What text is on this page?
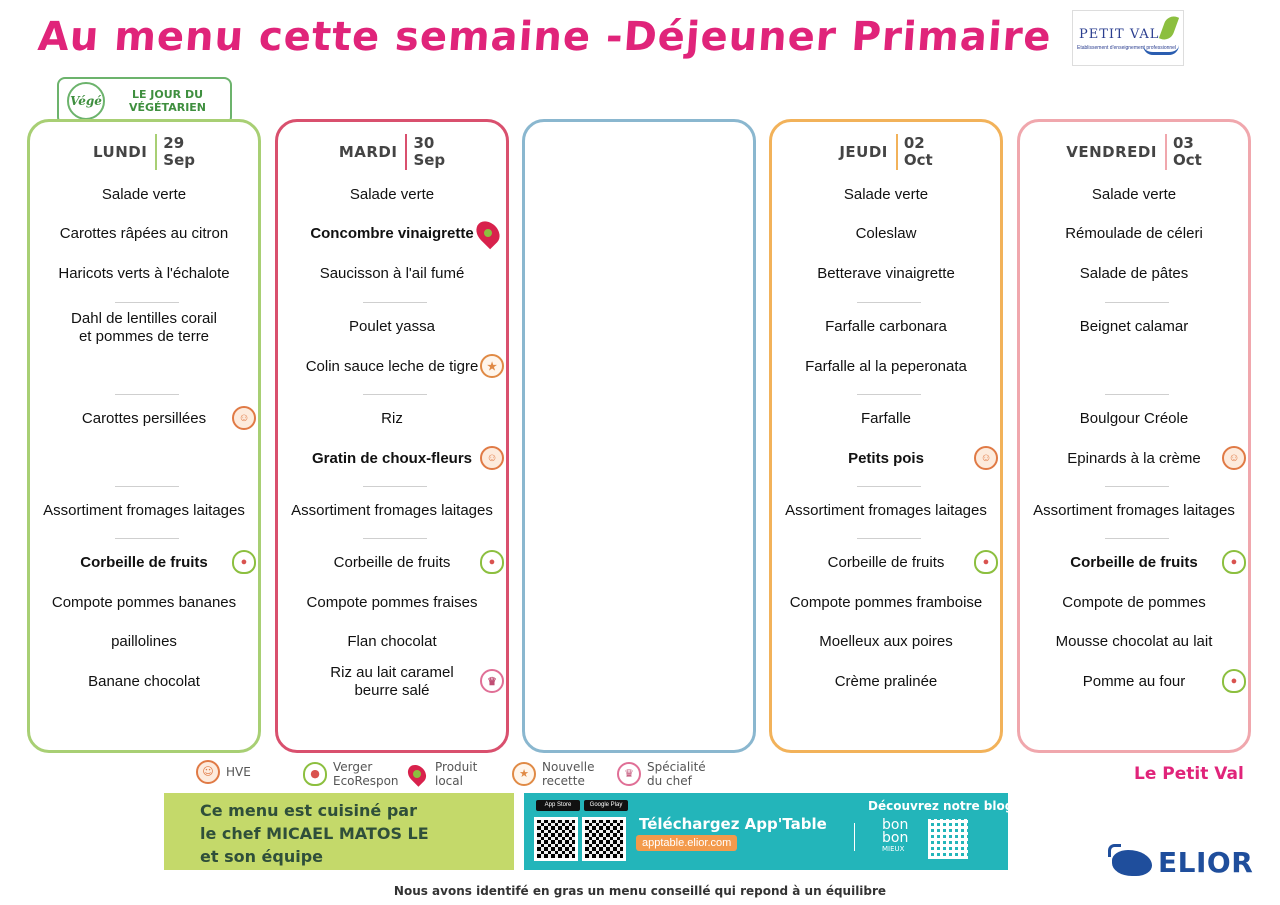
Au menu cette semaine -Déjeuner Primaire PETIT VAL
Etablissement d'enseignement professionnel
Végé	LE JOUR DU
VÉGÉTARIEN
LUNDI	29
Sep
Salade verte
Carottes râpées au citron
Haricots verts à l'échalote
Dahl de lentilles corail et pommes de terre
Carottes persillées	☺
Assortiment fromages laitages
Corbeille de fruits	●
Compote pommes bananes
paillolines
Banane chocolat
MARDI	30
Sep
Salade verte
Concombre vinaigrette
Saucisson à l'ail fumé
Poulet yassa
Colin sauce leche de tigre ★
Riz
Gratin de choux-fleurs	☺
Assortiment fromages laitages
Corbeille de fruits	●
Compote pommes fraises
Flan chocolat
Riz au lait caramel beurre salé
♛
JEUDI	02
Oct
Salade verte
Coleslaw
Betterave vinaigrette
Farfalle carbonara
Farfalle al la peperonata
Farfalle
Petits pois	☺
Assortiment fromages laitages
Corbeille de fruits	●
Compote pommes framboise
Moelleux aux poires
Crème pralinée
VENDREDI	03
Oct
Salade verte
Rémoulade de céleri
Salade de pâtes
Beignet calamar
Boulgour Créole
Epinards à la crème	☺
Assortiment fromages laitages
Corbeille de fruits	●
Compote de pommes
Mousse chocolat au lait
Pomme au four	●
☺	HVE	●	Verger
EcoRespon
Produit
local
★	Nouvelle
recette
♛	Spécialité
du chef	Le Petit Val
Ce menu est cuisiné par
le chef MICAEL MATOS LE
et son équipe
App Store	Google Play
Téléchargez App'Table
apptable.elior.com
Découvrez notre blog
bon
bon
MIEUX	ELIOR
Nous avons identifé en gras un menu conseillé qui repond à un équilibre
